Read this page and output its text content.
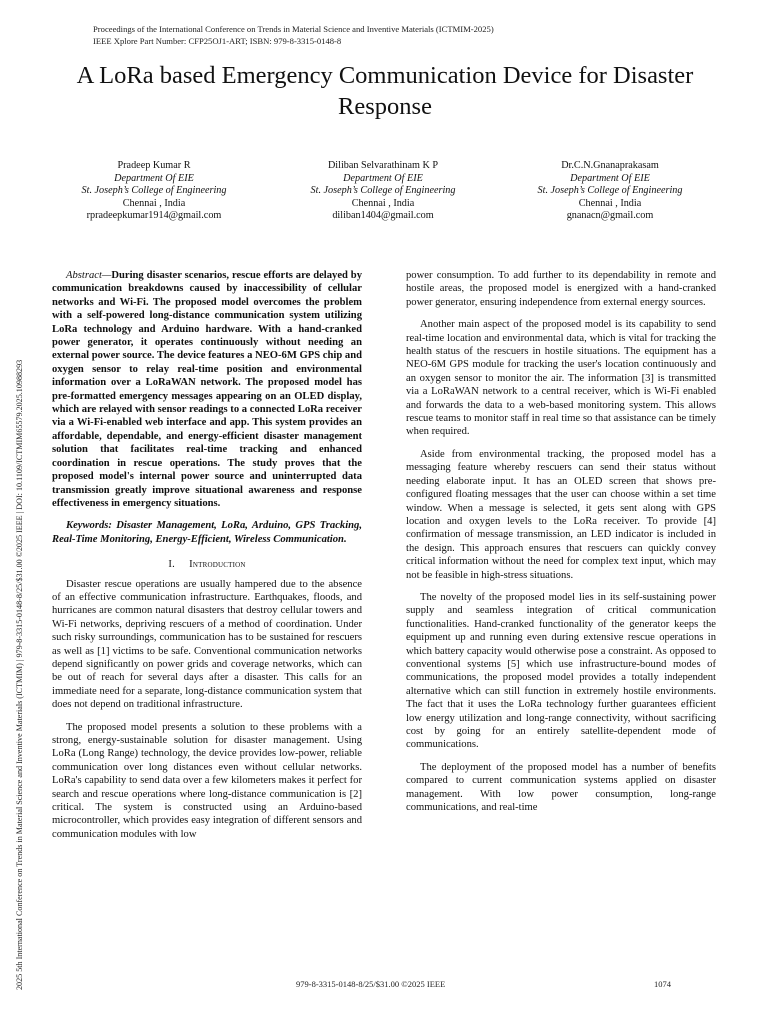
Proceedings of the International Conference on Trends in Material Science and Inventive Materials (ICTMIM-2025)
IEEE Xplore Part Number: CFP25OJ1-ART; ISBN: 979-8-3315-0148-8
A LoRa based Emergency Communication Device for Disaster Response
2025 5th International Conference on Trends in Material Science and Inventive Materials (ICTMIM) | 979-8-3315-0148-8/25/$31.00 ©2025 IEEE | DOI: 10.1109/ICTMIM65579.2025.10988293
Pradeep Kumar R
Department Of EIE
St. Joseph’s College of Engineering
Chennai , India
rpradeepkumar1914@gmail.com
Diliban Selvarathinam K P
Department Of EIE
St. Joseph’s College of Engineering
Chennai , India
diliban1404@gmail.com
Dr.C.N.Gnanaprakasam
Department Of EIE
St. Joseph’s College of Engineering
Chennai , India
gnanacn@gmail.com

Abstract—During disaster scenarios, rescue efforts are delayed by communication breakdowns caused by inaccessibility of cellular networks and Wi-Fi. The proposed model overcomes the problem with a self-powered long-distance communication system utilizing LoRa technology and Arduino hardware. With a hand-cranked power generator, it operates continuously without needing an external power source. The device features a NEO-6M GPS chip and oxygen sensor to relay real-time position and environmental information over a LoRaWAN network. The proposed model has pre-formatted emergency messages appearing on an OLED display, which are relayed with sensor readings to a connected LoRa receiver via a Wi-Fi-enabled web interface and app. This system provides an affordable, dependable, and energy-efficient disaster management solution that facilitates real-time tracking and enhanced coordination in rescue operations. The study proves that the proposed model's internal power source and uninterrupted data transmission greatly improve situational awareness and response effectiveness in emergency situations.

Keywords: Disaster Management, LoRa, Arduino, GPS Tracking, Real-Time Monitoring, Energy-Efficient, Wireless Communication.

I. Introduction

Disaster rescue operations are usually hampered due to the absence of an effective communication infrastructure. Earthquakes, floods, and hurricanes are common natural disasters that destroy cellular towers and Wi-Fi networks, depriving rescuers of a method of coordination. Under such risky surroundings, communication has to be sustained for rescuers as well as [1] victims to be safe. Conventional communication networks depend significantly on power grids and coverage networks, which can be out of reach for several days after a disaster. This calls for an immediate need for a separate, long-distance communication system that does not depend on traditional infrastructure.

The proposed model presents a solution to these problems with a strong, energy-sustainable solution for disaster management. Using LoRa (Long Range) technology, the device provides low-power, reliable communication over long distances even without cellular networks. LoRa's capability to send data over a few kilometers makes it perfect for search and rescue operations where long-distance communication is [2] critical. The system is constructed using an Arduino-based microcontroller, which provides easy integration of different sensors and communication modules with low

power consumption. To add further to its dependability in remote and hostile areas, the proposed model is energized with a hand-cranked power generator, ensuring independence from external energy sources.

Another main aspect of the proposed model is its capability to send real-time location and environmental data, which is vital for tracking the health status of the rescuers in hostile situations. The equipment has a NEO-6M GPS module for tracking the user's location continuously and an oxygen sensor to monitor the air. The information [3] is transmitted via a LoRaWAN network to a central receiver, which is Wi-Fi enabled and forwards the data to a web-based monitoring system. This allows rescue teams to monitor staff in real time so that assistance can be timely when required.

Aside from environmental tracking, the proposed model has a messaging feature whereby rescuers can send their status without needing elaborate input. It has an OLED screen that shows pre-configured floating messages that the user can choose within a set time window. When a message is selected, it gets sent along with GPS location and oxygen levels to the LoRa receiver. To provide [4] confirmation of message transmission, an LED indicator is included in the design. This approach ensures that rescuers can quickly convey critical information without the need for complex text input, which may not be feasible in high-stress situations.

The novelty of the proposed model lies in its self-sustaining power supply and seamless integration of critical communication functionalities. Hand-cranked functionality of the generator keeps the equipment up and running even during extensive rescue operations in which battery capacity would otherwise pose a constraint. As opposed to conventional systems [5] which use infrastructure-bound modes of communications, the proposed model provides a totally independent alternative which can still function in extremely hostile environments. The fact that it uses the LoRa technology further guarantees efficient low energy utilization and long-range connectivity, without sacrificing cost by going for an entirely satellite-dependent mode of communications.

The deployment of the proposed model has a number of benefits compared to current communication systems applied on disaster management. With low power consumption, long-range communications, and real-time

979-8-3315-0148-8/25/$31.00 ©2025 IEEE	1074
